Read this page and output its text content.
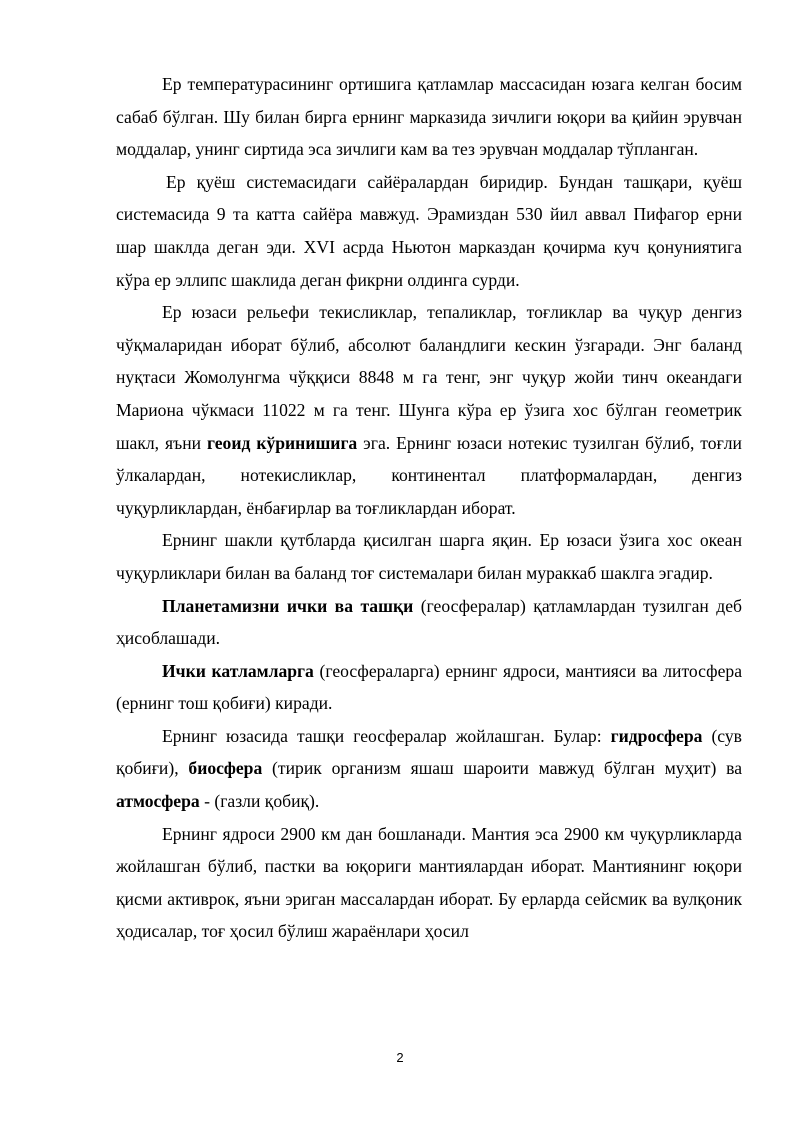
Ер температурасининг ортишига қатламлар массасидан юзага келган босим сабаб бўлган. Шу билан бирга ернинг марказида зичлиги юқори ва қийин эрувчан моддалар, унинг сиртида эса зичлиги кам ва тез эрувчан моддалар тўпланган.

Ер қуёш системасидаги сайёралардан биридир. Бундан ташқари, қуёш системасида 9 та катта сайёра мавжуд. Эрамиздан 530 йил аввал Пифагор ерни шар шаклда деган эди. XVI асрда Ньютон марказдан қочирма куч қонуниятига кўра ер эллипс шаклида деган фикрни олдинга сурди.

Ер юзаси рельефи текисликлар, тепаликлар, тоғликлар ва чуқур денгиз чўқмаларидан иборат бўлиб, абсолют баландлиги кескин ўзгаради. Энг баланд нуқтаси Жомолунгма чўққиси 8848 м га тенг, энг чуқур жойи тинч океандаги Мариона чўкмаси 11022 м га тенг. Шунга кўра ер ўзига хос бўлган геометрик шакл, яъни геоид кўринишига эга. Ернинг юзаси нотекис тузилган бўлиб, тоғли ўлкалардан, нотекисликлар, континентал платформалардан, денгиз чуқурликлардан, ёнбағирлар ва тоғликлардан иборат.

Ернинг шакли қутбларда қисилган шарга яқин. Ер юзаси ўзига хос океан чуқурликлари билан ва баланд тоғ системалари билан мураккаб шаклга эгадир.

Планетамизни ички ва ташқи (геосфералар) қатламлардан тузилган деб ҳисоблашади.

Ички катламларга (геосфераларга) ернинг ядроси, мантияси ва литосфера (ернинг тош қобиғи) киради.

Ернинг юзасида ташқи геосфералар жойлашган. Булар: гидросфера (сув қобиғи), биосфера (тирик организм яшаш шароити мавжуд бўлган муҳит) ва атмосфера - (газли қобиқ).

Ернинг ядроси 2900 км дан бошланади. Мантия эса 2900 км чуқурликларда жойлашган бўлиб, пастки ва юқориги мантиялардан иборат. Мантиянинг юқори қисми активрок, яъни эриган массалардан иборат. Бу ерларда сейсмик ва вулқоник ҳодисалар, тоғ ҳосил бўлиш жараёнлари ҳосил

2
